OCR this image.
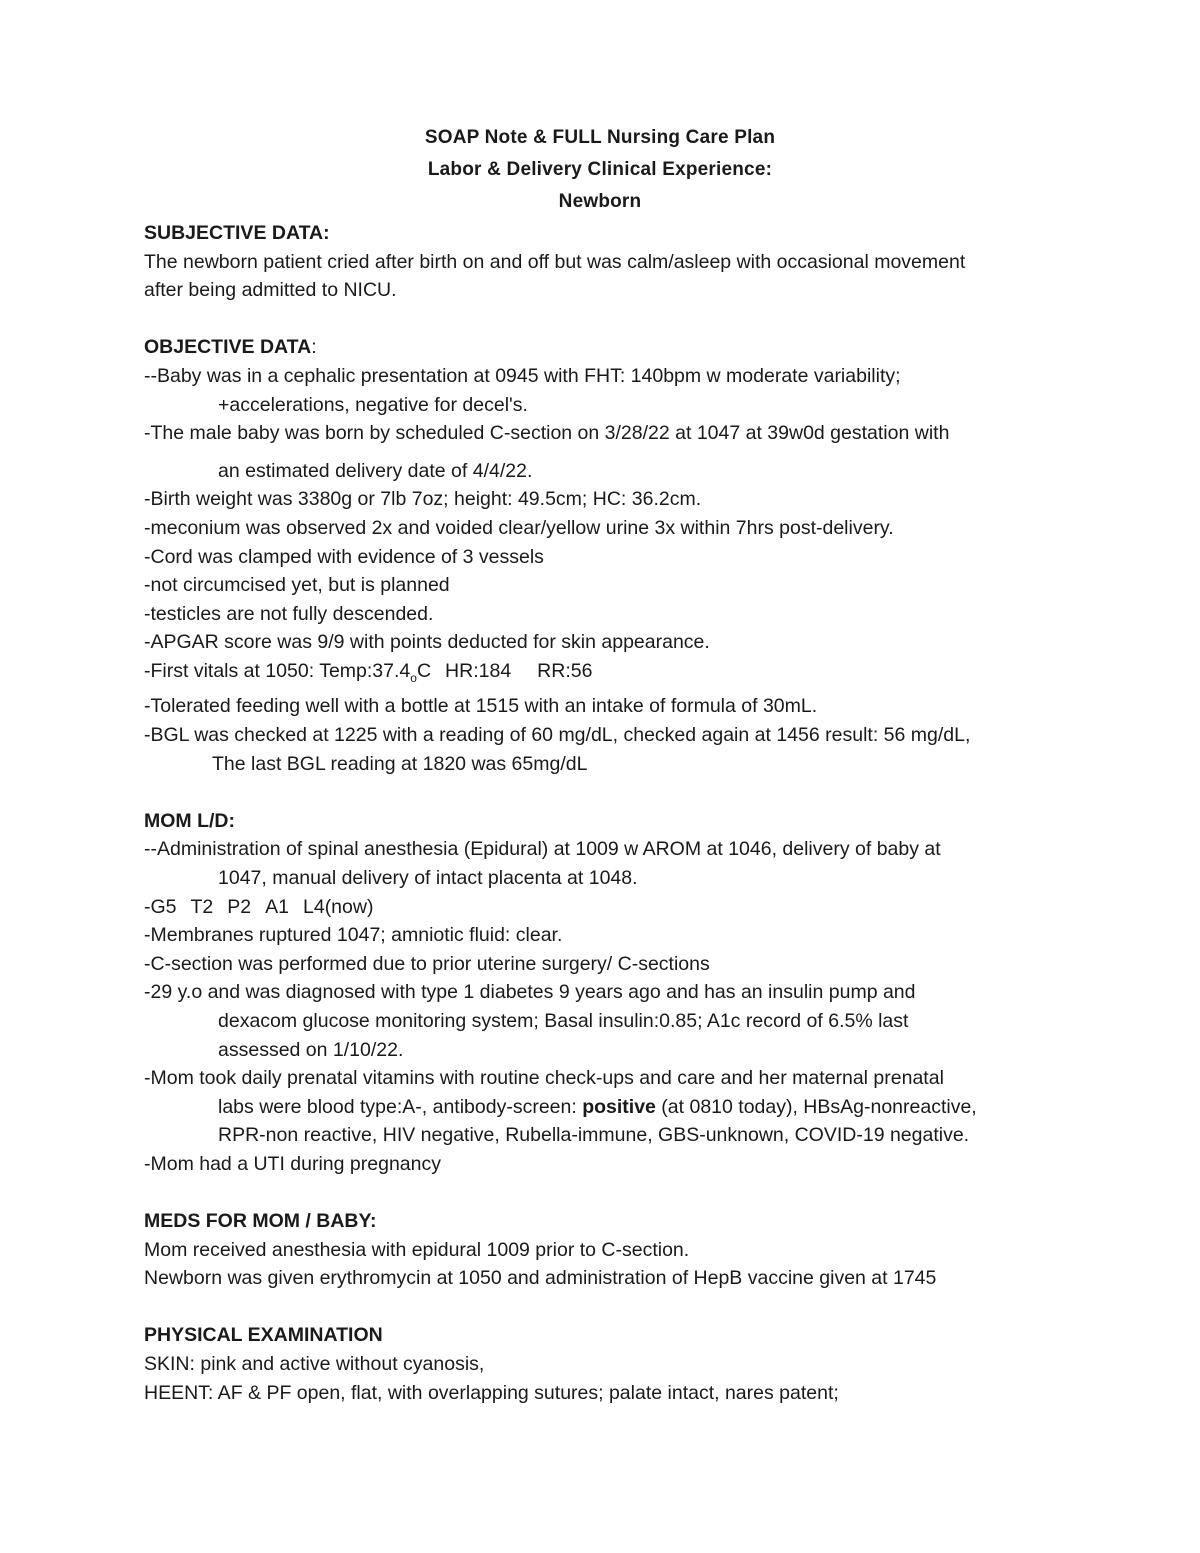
SOAP Note & FULL Nursing Care Plan
Labor & Delivery Clinical Experience:
Newborn
SUBJECTIVE DATA:
The newborn patient cried after birth on and off but was calm/asleep with occasional movement
after being admitted to NICU.
OBJECTIVE DATA:
--Baby was in a cephalic presentation at 0945 with FHT: 140bpm w moderate variability;
+accelerations, negative for decel's.
-The male baby was born by scheduled C-section on 3/28/22 at 1047 at 39w0d gestation with
an estimated delivery date of 4/4/22.
-Birth weight was 3380g or 7lb 7oz; height: 49.5cm; HC: 36.2cm.
-meconium was observed 2x and voided clear/yellow urine 3x within 7hrs post-delivery.
-Cord was clamped with evidence of 3 vessels
-not circumcised yet, but is planned
-testicles are not fully descended.
-APGAR score was 9/9 with points deducted for skin appearance.
-First vitals at 1050: $Temp:37.4_oC$ HR:184 RR:56
-Tolerated feeding well with a bottle at 1515 with an intake of formula of 30mL.
-BGL was checked at 1225 with a reading of 60 mg/dL, checked again at 1456 result: 56 mg/dL,
The last BGL reading at 1820 was 65mg/dL
MOM L/D:
--Administration of spinal anesthesia (Epidural) at 1009 w AROM at 1046, delivery of baby at
1047, manual delivery of intact placenta at 1048.
-G5 T2 P2 A1 L4(now)
-Membranes ruptured 1047; amniotic fluid: clear.
-C-section was performed due to prior uterine surgery/ C-sections
-29 y.o and was diagnosed with type 1 diabetes 9 years ago and has an insulin pump and
dexacom glucose monitoring system; Basal insulin:0.85; A1c record of 6.5% last
assessed on 1/10/22.
-Mom took daily prenatal vitamins with routine check-ups and care and her maternal prenatal
labs were blood type:A-, antibody-screen: positive (at 0810 today), HBsAg-nonreactive,
RPR-non reactive, HIV negative, Rubella-immune, GBS-unknown, COVID-19 negative.
-Mom had a UTI during pregnancy
MEDS FOR MOM / BABY:
Mom received anesthesia with epidural 1009 prior to C-section.
Newborn was given erythromycin at 1050 and administration of HepB vaccine given at 1745
PHYSICAL EXAMINATION
SKIN: pink and active without cyanosis,
HEENT: AF & PF open, flat, with overlapping sutures; palate intact, nares patent;
